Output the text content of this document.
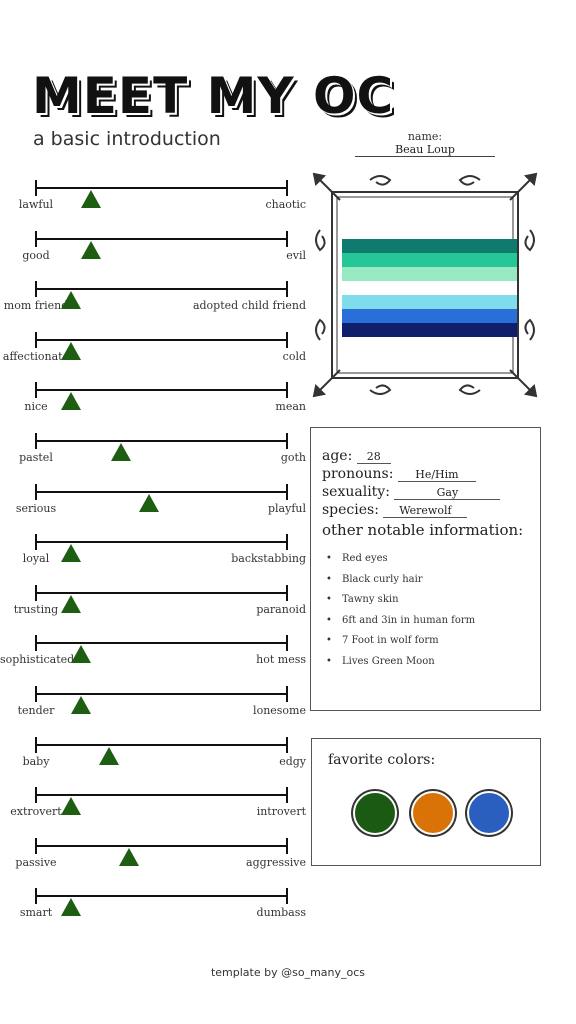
MEET MY OC
a basic introduction
lawful	chaotic
good	evil
mom friend	adopted child friend
affectionate	cold
nice	mean
pastel	goth
serious	playful
loyal	backstabbing
trusting	paranoid
sophisticated	hot mess
tender	lonesome
baby	edgy
extrovert	introvert
passive	aggressive
smart	dumbass
name:
Beau Loup
age: 28
pronouns: He/Him
sexuality:	Gay
species: Werewolf
other notable information:
• Red eyes
• Black curly hair
• Tawny skin
• 6ft and 3in in human form
• 7 Foot in wolf form
• Lives Green Moon
favorite colors:
template by @so_many_ocs
